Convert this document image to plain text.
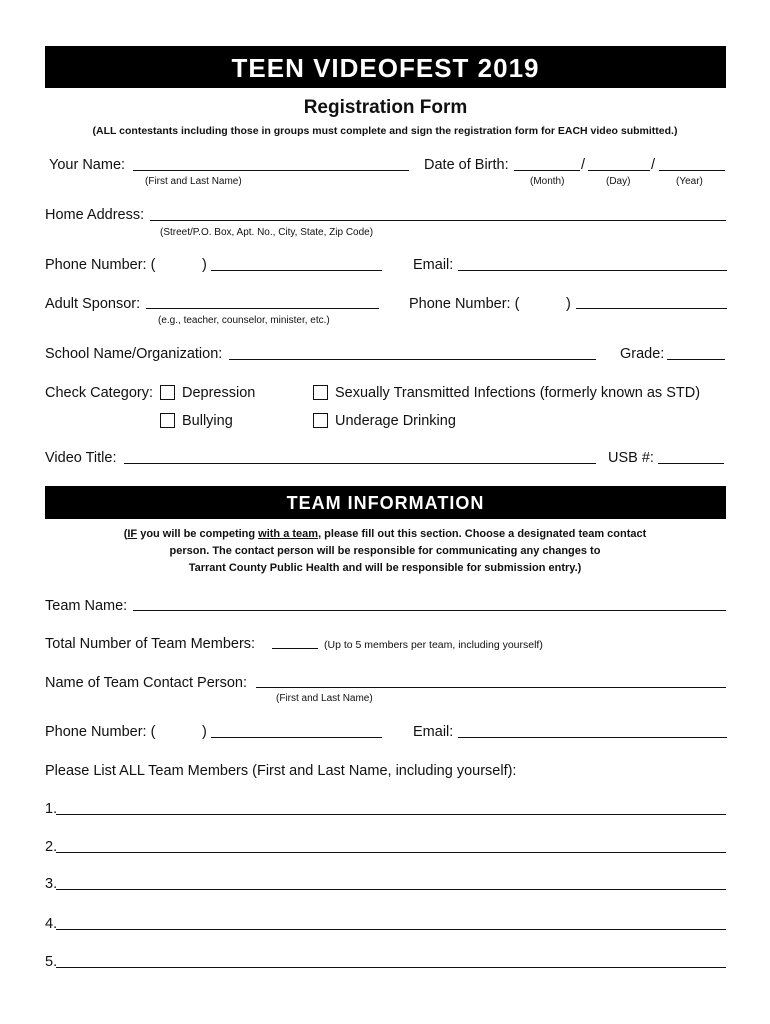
TEEN VIDEOFEST 2019
Registration Form
(ALL contestants including those in groups must complete and sign the registration form for EACH video submitted.)
Your Name:
(First and Last Name)
Date of Birth:	/	/
(Month)	(Day)	(Year)
Home Address:
(Street/P.O. Box, Apt. No., City, State, Zip Code)
Phone Number: (	)	Email:
Adult Sponsor:
(e.g., teacher, counselor, minister, etc.)
Phone Number: (	)
School Name/Organization:	Grade:
Check Category: Depression	Sexually Transmitted Infections (formerly known as STD)
Bullying	Underage Drinking
Video Title:	USB #:
TEAM INFORMATION
(IF you will be competing with a team, please fill out this section. Choose a designated team contact
person. The contact person will be responsible for communicating any changes to
Tarrant County Public Health and will be responsible for submission entry.)
Team Name:
Total Number of Team Members:	(Up to 5 members per team, including yourself)
Name of Team Contact Person:
(First and Last Name)
Phone Number: (	)	Email:
Please List ALL Team Members (First and Last Name, including yourself):
1.
2.
3.
4.
5.
